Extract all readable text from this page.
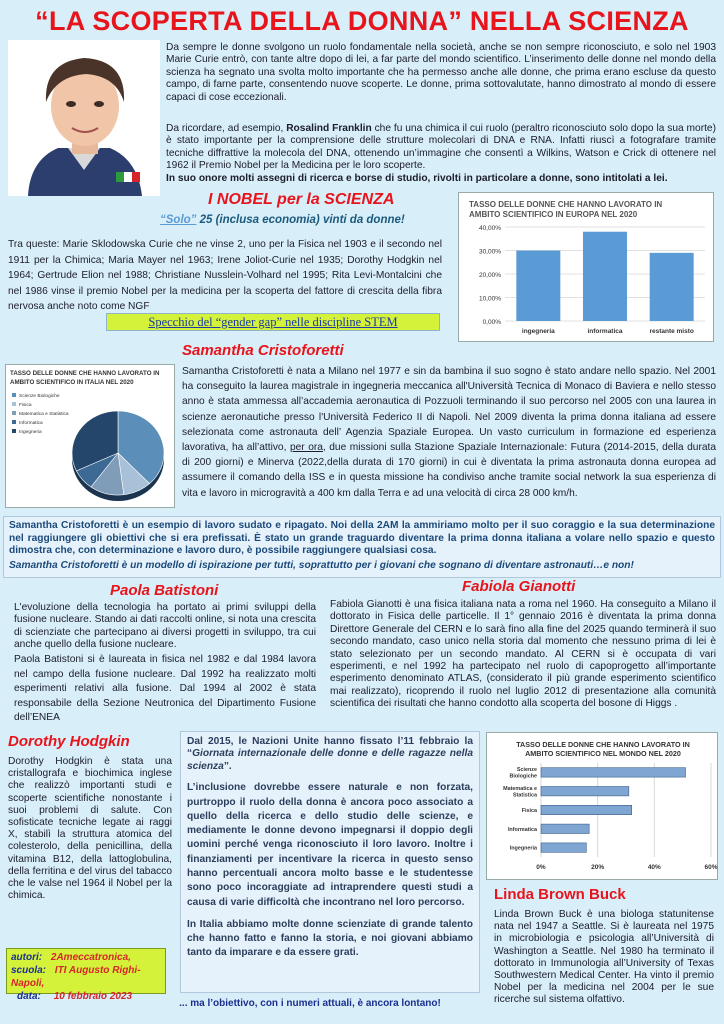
“LA SCOPERTA DELLA DONNA” NELLA SCIENZA
Da sempre le donne svolgono un ruolo fondamentale nella società, anche se non sempre riconosciuto, e solo nel 1903 Marie Curie entrò, con tante altre dopo di lei, a far parte del mondo scientifico. L’inserimento delle donne nel mondo della scienza ha segnato una svolta molto importante che ha permesso anche alle donne, che prima erano escluse da questo campo, di farne parte, consentendo nuove scoperte. Le donne, prima sottovalutate, hanno dimostrato al mondo di essere capaci di cose eccezionali.
Da ricordare, ad esempio, Rosalind Franklin che fu una chimica il cui ruolo (peraltro riconosciuto solo dopo la sua morte) è stato importante per la comprensione delle strutture molecolari di DNA e RNA. Infatti riuscì a fotografare tramite tecniche diffrattive la molecola del DNA, ottenendo un’immagine che consentì a Wilkins, Watson e Crick di ottenere nel 1962 il Premio Nobel per la Medicina per le loro scoperte.
In suo onore molti assegni di ricerca e borse di studio, rivolti in particolare a donne, sono intitolati a lei.
I NOBEL per la SCIENZA
“Solo” 25 (inclusa economia) vinti da donne!
Tra queste: Marie Sklodowska Curie che ne vinse 2, uno per la Fisica nel 1903 e il secondo nel 1911 per la Chimica; Maria Mayer nel 1963; Irene Joliot-Curie nel 1935; Dorothy Hodgkin nel 1964; Gertrude Elion nel 1988; Christiane Nusslein-Volhard nel 1995; Rita Levi-Montalcini che nel 1986 vinse il premio Nobel per la medicina per la scoperta del fattore di crescita della fibra nervosa anche noto come NGF
Specchio del “gender gap” nelle discipline STEM
TASSO DELLE DONNE CHE HANNO LAVORATO IN
AMBITO SCIENTIFICO IN EUROPA NEL 2020
0,00%
10,00%
20,00%
30,00%
40,00%
ingegneria	informatica	restante misto
Samantha Cristoforetti
TASSO DELLE DONNE CHE HANNO LAVORATO IN
AMBITO SCIENTIFICO IN ITALIA NEL 2020
Scienze Biologiche
Fisica
Matematica e Statistica
Informatica
Ingegneria
Samantha Cristoforetti è nata a Milano nel 1977 e sin da bambina il suo sogno è stato andare nello spazio. Nel 2001 ha conseguito la laurea magistrale in ingegneria meccanica all'Università Tecnica di Monaco di Baviera e nello stesso anno è stata ammessa all’accademia aeronautica di Pozzuoli terminando il suo percorso nel 2005 con una laurea in scienze aeronautiche presso l'Università Federico II di Napoli. Nel 2009 diventa la prima donna italiana ad essere selezionata come astronauta dell’ Agenzia Spaziale Europea. Un vasto curriculum in formazione ed esperienza lavorativa, ha all’attivo, per ora, due missioni sulla Stazione Spaziale Internazionale: Futura (2014-2015, della durata di 200 giorni) e Minerva (2022,della durata di 170 giorni) in cui è diventata la prima astronauta donna europea ad assumere il comando della ISS e in questa missione ha condiviso anche tramite social network la sua esperienza di vita e lavoro in microgravità a 400 km dalla Terra e ad una velocità di circa 28 000 km/h.
Samantha Cristoforetti è un esempio di lavoro sudato e ripagato. Noi della 2AM la ammiriamo molto per il suo coraggio e la sua determinazione nel raggiungere gli obiettivi che si era prefissati. È stato un grande traguardo diventare la prima donna italiana a volare nello spazio e questo dimostra che, con determinazione e lavoro duro, è possibile raggiungere qualsiasi cosa.
Samantha Cristoforetti è un modello di ispirazione per tutti, soprattutto per i giovani che sognano di diventare astronauti…e non!
Paola Batistoni
L'evoluzione della tecnologia ha portato ai primi sviluppi della fusione nucleare. Stando ai dati raccolti online, si nota una crescita di scienziate che partecipano ai diversi progetti in sviluppo, tra cui anche quello della fusione nucleare.
Paola Batistoni si è laureata in fisica nel 1982 e dal 1984 lavora nel campo della fusione nucleare. Dal 1992 ha realizzato molti esperimenti relativi alla fusione. Dal 1994 al 2002 è stata responsabile della Sezione Neutronica del Dipartimento Fusione dell’ENEA
Fabiola Gianotti
Fabiola Gianotti è una fisica italiana nata a roma nel 1960. Ha conseguito a Milano il dottorato in Fisica delle particelle. Il 1° gennaio 2016 è diventata la prima donna Direttore Generale del CERN e lo sarà fino alla fine del 2025 quando terminerà il suo secondo mandato, caso unico nella storia dal momento che nessuno prima di lei è stato selezionato per un secondo mandato. Al CERN si è occupata di vari esperimenti, e nel 1992 ha partecipato nel ruolo di capoprogetto all’importante esperimento denominato ATLAS, (considerato il più grande esperimento scientifico mai realizzato), ricoprendo il ruolo nel luglio 2012 di presentazione alla comunità scientifica dei risultati che hanno condotto alla scoperta del bosone di Higgs .
Dorothy Hodgkin
Dorothy Hodgkin è stata una cristallografa e biochimica inglese che realizzò importanti studi e scoperte scientifiche nonostante i suoi problemi di salute. Con sofisticate tecniche legate ai raggi X, stabilì la struttura atomica del colesterolo, della penicillina, della vitamina B12, della lattoglobulina, della ferritina e del virus del tabacco che le valse nel 1964 il Nobel per la chimica.
Dal 2015, le Nazioni Unite hanno fissato l’11 febbraio la “Giornata internazionale delle donne e delle ragazze nella scienza”.
L’inclusione dovrebbe essere naturale e non forzata, purtroppo il ruolo della donna è ancora poco associato a quello della ricerca e dello studio delle scienze, e mediamente le donne devono impegnarsi il doppio degli uomini perché venga riconosciuto il loro lavoro. Inoltre i finanziamenti per incentivare la ricerca in questo senso hanno percentuali ancora molto basse e le studentesse sono poco incoraggiate ad intraprendere questi studi a causa di varie difficoltà che incontrano nel loro percorso.
In Italia abbiamo molte donne scienziate di grande talento che hanno fatto e fanno la storia, e noi giovani abbiamo tanto da imparare e da essere grati.
TASSO DELLE DONNE CHE HANNO LAVORATO IN
AMBITO SCIENTIFICO NEL MONDO NEL 2020
0%	20%	40%	60%
Scienze
Biologiche
Matematica e
Statistica
Fisica
Informatica
Ingegneria
Linda Brown Buck
Linda Brown Buck è una biologa statunitense nata nel 1947 a Seattle. Si è laureata nel 1975 in microbiologia e psicologia all’Università di Washington a Seattle. Nel 1980 ha terminato il dottorato in Immunologia all’University of Texas Southwestern Medical Center. Ha vinto il premio Nobel per la medicina nel 2004 per le sue ricerche sul sistema olfattivo.
autori: 2Ameccatronica,
scuola: ITI Augusto Righi-Napoli,
data: 10 febbraio 2023
... ma l’obiettivo, con i numeri attuali, è ancora lontano!
